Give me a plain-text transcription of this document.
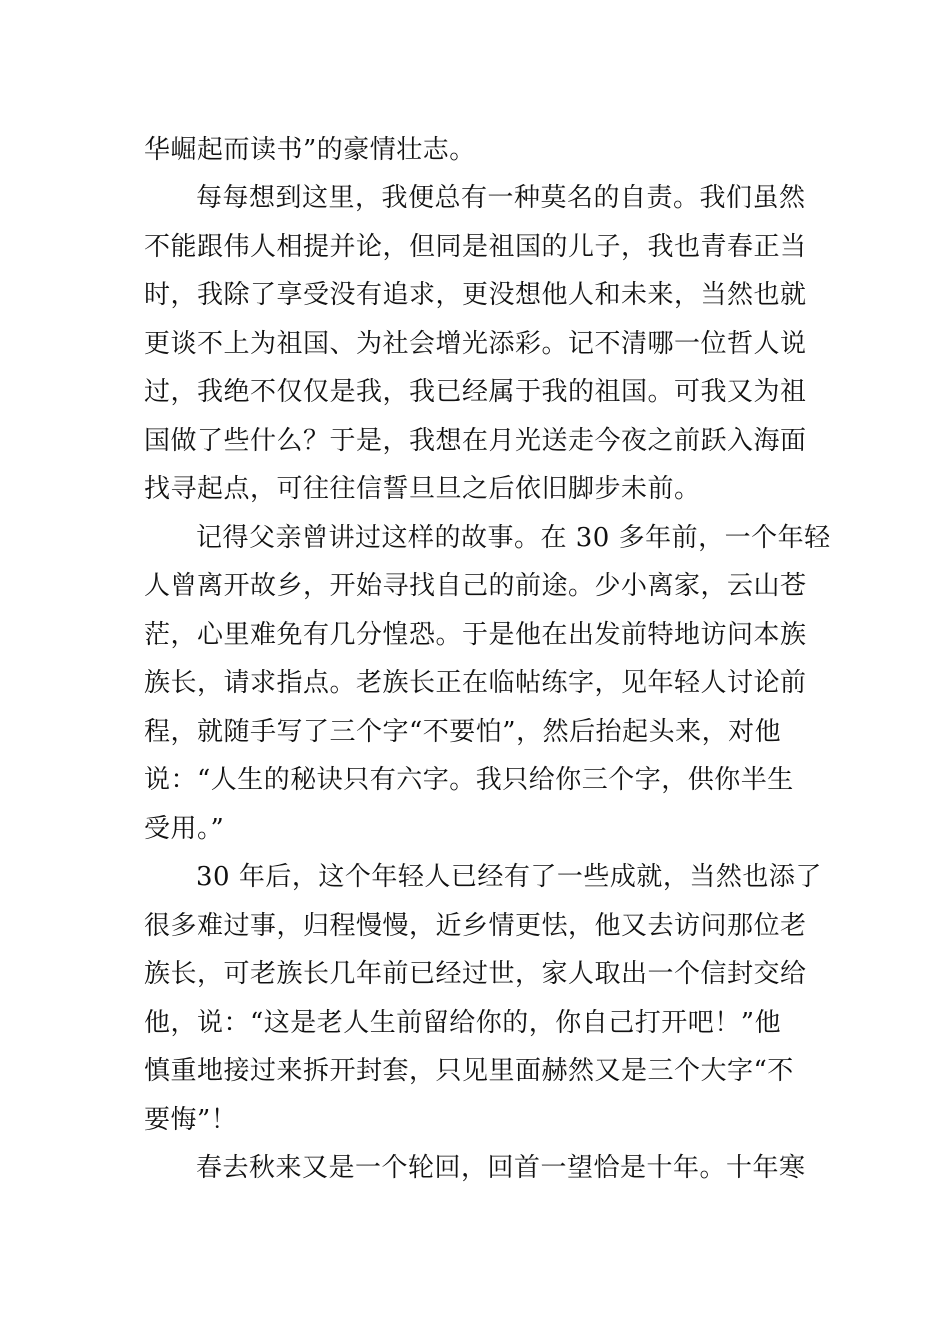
华崛起而读书”的豪情壮志。
每每想到这里，我便总有一种莫名的自责。我们虽然
不能跟伟人相提并论，但同是祖国的儿子，我也青春正当
时，我除了享受没有追求，更没想他人和未来，当然也就
更谈不上为祖国、为社会增光添彩。记不清哪一位哲人说
过，我绝不仅仅是我，我已经属于我的祖国。可我又为祖
国做了些什么？于是，我想在月光送走今夜之前跃入海面
找寻起点，可往往信誓旦旦之后依旧脚步未前。
记得父亲曾讲过这样的故事。在 30 多年前，一个年轻
人曾离开故乡，开始寻找自己的前途。少小离家，云山苍
茫，心里难免有几分惶恐。于是他在出发前特地访问本族
族长，请求指点。老族长正在临帖练字，见年轻人讨论前
程，就随手写了三个字“不要怕”，然后抬起头来，对他
说：“人生的秘诀只有六字。我只给你三个字，供你半生
受用。”
30 年后，这个年轻人已经有了一些成就，当然也添了
很多难过事，归程慢慢，近乡情更怯，他又去访问那位老
族长，可老族长几年前已经过世，家人取出一个信封交给
他，说：“这是老人生前留给你的，你自己打开吧！”他
慎重地接过来拆开封套，只见里面赫然又是三个大字“不
要悔”！
春去秋来又是一个轮回，回首一望恰是十年。十年寒
